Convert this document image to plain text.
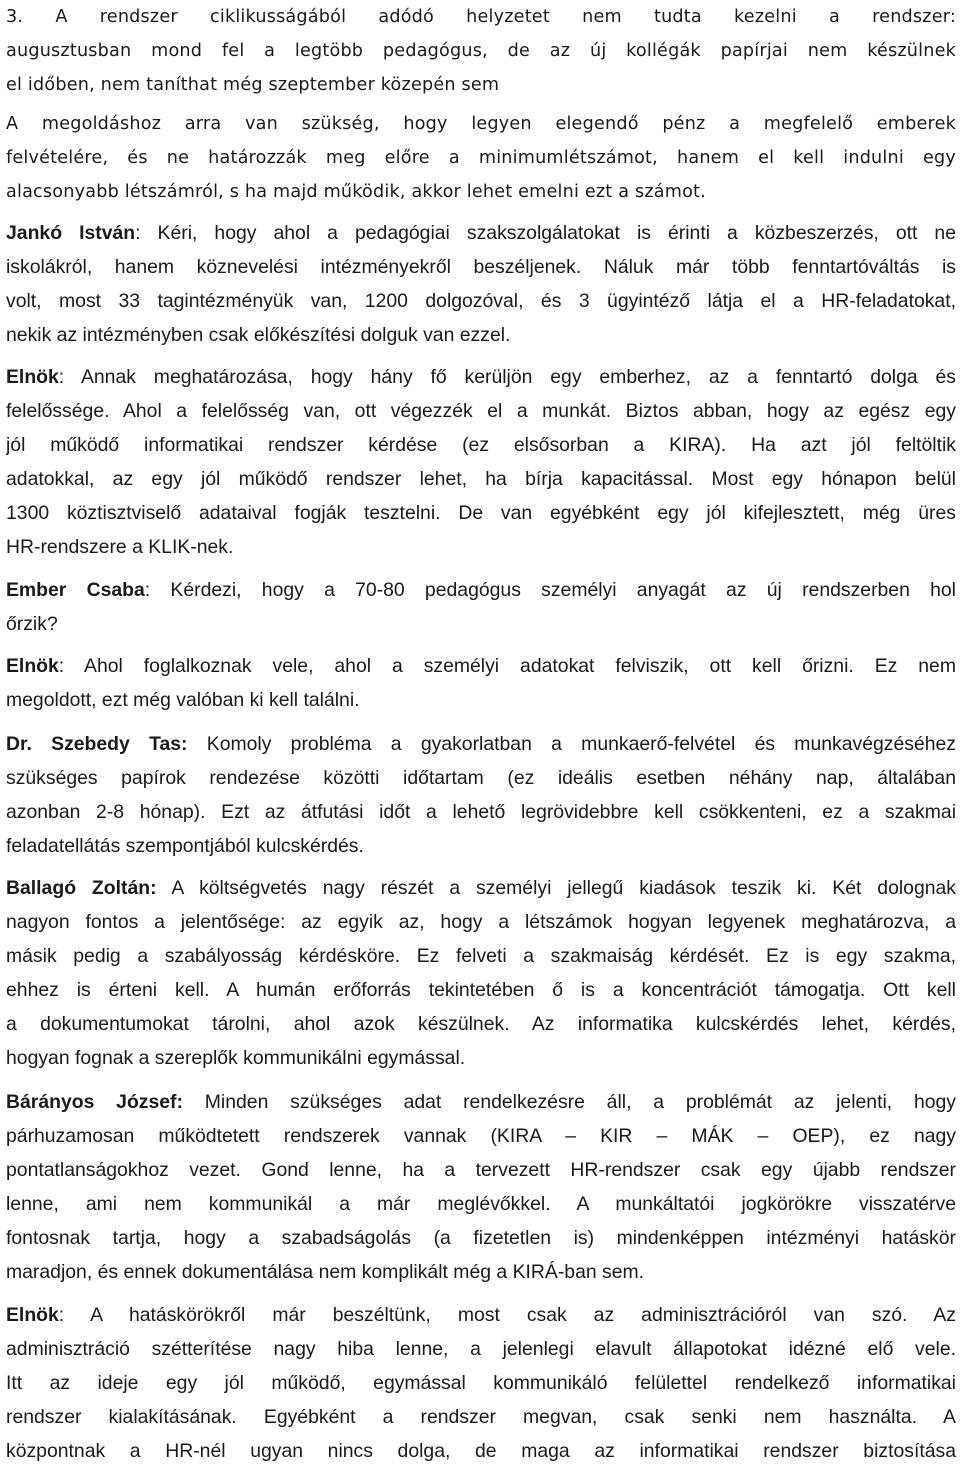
3. A rendszer ciklikusságából adódó helyzetet nem tudta kezelni a rendszer:
augusztusban mond fel a legtöbb pedagógus, de az új kollégák papírjai nem készülnek
el időben, nem taníthat még szeptember közepén sem
A megoldáshoz arra van szükség, hogy legyen elegendő pénz a megfelelő emberek
felvételére, és ne határozzák meg előre a minimumlétszámot, hanem el kell indulni egy
alacsonyabb létszámról, s ha majd működik, akkor lehet emelni ezt a számot.
Jankó István: Kéri, hogy ahol a pedagógiai szakszolgálatokat is érinti a közbeszerzés, ott ne
iskolákról, hanem köznevelési intézményekről beszéljenek. Náluk már több fenntartóváltás is
volt, most 33 tagintézményük van, 1200 dolgozóval, és 3 ügyintéző látja el a HR-feladatokat,
nekik az intézményben csak előkészítési dolguk van ezzel.
Elnök: Annak meghatározása, hogy hány fő kerüljön egy emberhez, az a fenntartó dolga és
felelőssége. Ahol a felelősség van, ott végezzék el a munkát. Biztos abban, hogy az egész egy
jól működő informatikai rendszer kérdése (ez elsősorban a KIRA). Ha azt jól feltöltik
adatokkal, az egy jól működő rendszer lehet, ha bírja kapacitással. Most egy hónapon belül
1300 köztisztviselő adataival fogják tesztelni. De van egyébként egy jól kifejlesztett, még üres
HR-rendszere a KLIK-nek.
Ember Csaba: Kérdezi, hogy a 70-80 pedagógus személyi anyagát az új rendszerben hol
őrzik?
Elnök: Ahol foglalkoznak vele, ahol a személyi adatokat felviszik, ott kell őrizni. Ez nem
megoldott, ezt még valóban ki kell találni.
Dr. Szebedy Tas: Komoly probléma a gyakorlatban a munkaerő-felvétel és munkavégzéséhez
szükséges papírok rendezése közötti időtartam (ez ideális esetben néhány nap, általában
azonban 2-8 hónap). Ezt az átfutási időt a lehető legrövidebbre kell csökkenteni, ez a szakmai
feladatellátás szempontjából kulcskérdés.
Ballagó Zoltán: A költségvetés nagy részét a személyi jellegű kiadások teszik ki. Két dolognak
nagyon fontos a jelentősége: az egyik az, hogy a létszámok hogyan legyenek meghatározva, a
másik pedig a szabályosság kérdésköre. Ez felveti a szakmaiság kérdését. Ez is egy szakma,
ehhez is érteni kell. A humán erőforrás tekintetében ő is a koncentrációt támogatja. Ott kell
a dokumentumokat tárolni, ahol azok készülnek. Az informatika kulcskérdés lehet, kérdés,
hogyan fognak a szereplők kommunikálni egymással.
Bárányos József: Minden szükséges adat rendelkezésre áll, a problémát az jelenti, hogy
párhuzamosan működtetett rendszerek vannak (KIRA – KIR – MÁK – OEP), ez nagy
pontatlanságokhoz vezet. Gond lenne, ha a tervezett HR-rendszer csak egy újabb rendszer
lenne, ami nem kommunikál a már meglévőkkel. A munkáltatói jogkörökre visszatérve
fontosnak tartja, hogy a szabadságolás (a fizetetlen is) mindenképpen intézményi hatáskör
maradjon, és ennek dokumentálása nem komplikált még a KIRÁ-ban sem.
Elnök: A hatáskörökről már beszéltünk, most csak az adminisztrációról van szó. Az
adminisztráció szétterítése nagy hiba lenne, a jelenlegi elavult állapotokat idézné elő vele.
Itt az ideje egy jól működő, egymással kommunikáló felülettel rendelkező informatikai
rendszer kialakításának. Egyébként a rendszer megvan, csak senki nem használta. A
központnak a HR-nél ugyan nincs dolga, de maga az informatikai rendszer biztosítása
